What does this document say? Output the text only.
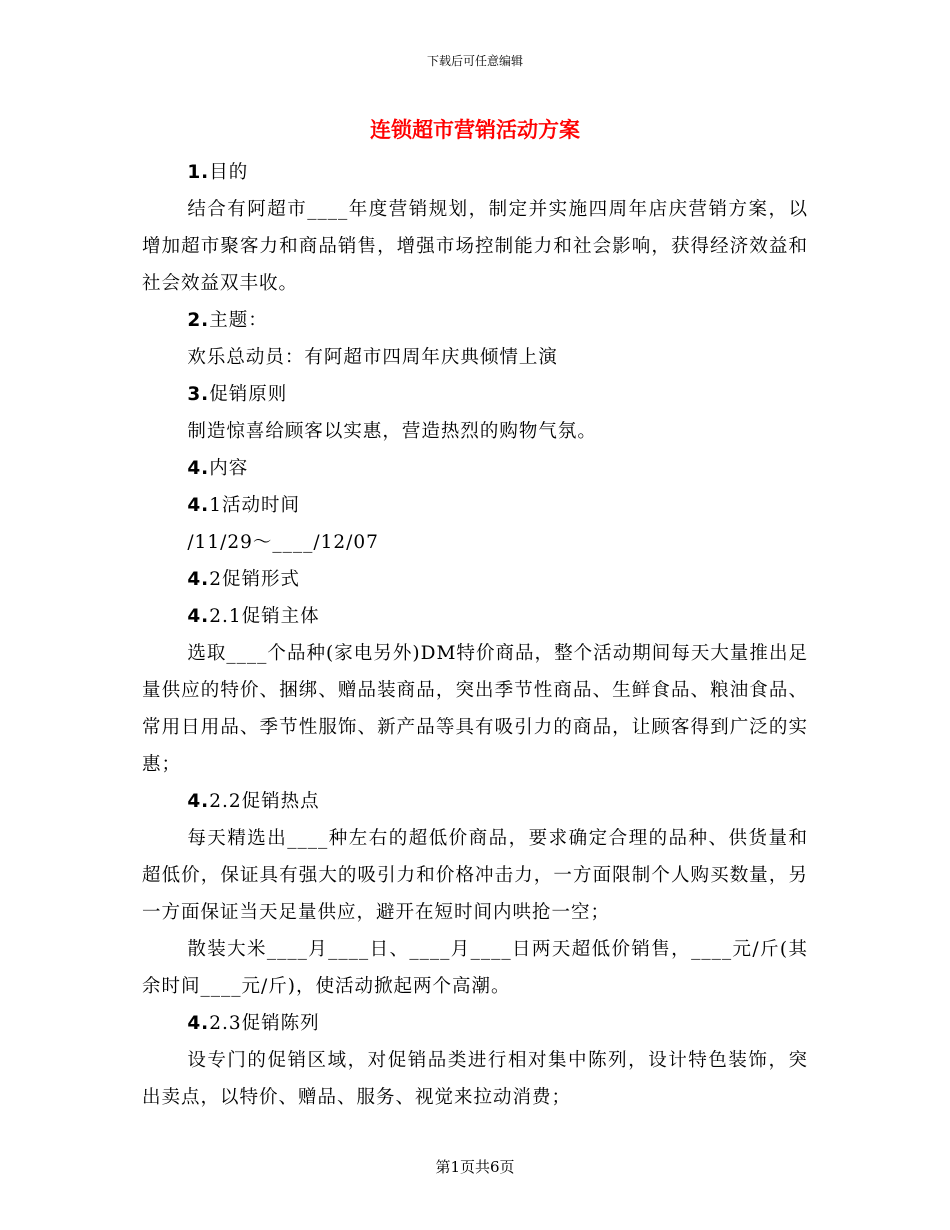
下载后可任意编辑
连锁超市营销活动方案

1.目的

结合有阿超市____年度营销规划，制定并实施四周年店庆营销方案，以增加超市聚客力和商品销售，增强市场控制能力和社会影响，获得经济效益和社会效益双丰收。

2.主题：

欢乐总动员：有阿超市四周年庆典倾情上演

3.促销原则

制造惊喜给顾客以实惠，营造热烈的购物气氛。

4.内容

4.1活动时间

/11/29～____/12/07

4.2促销形式

4.2.1促销主体

选取____个品种(家电另外)DM特价商品，整个活动期间每天大量推出足量供应的特价、捆绑、赠品装商品，突出季节性商品、生鲜食品、粮油食品、常用日用品、季节性服饰、新产品等具有吸引力的商品，让顾客得到广泛的实惠；

4.2.2促销热点

每天精选出____种左右的超低价商品，要求确定合理的品种、供货量和超低价，保证具有强大的吸引力和价格冲击力，一方面限制个人购买数量，另一方面保证当天足量供应，避开在短时间内哄抢一空；

散装大米____月____日、____月____日两天超低价销售，____元/斤(其余时间____元/斤)，使活动掀起两个高潮。

4.2.3促销陈列

设专门的促销区域，对促销品类进行相对集中陈列，设计特色装饰，突出卖点，以特价、赠品、服务、视觉来拉动消费；

第1页共6页
